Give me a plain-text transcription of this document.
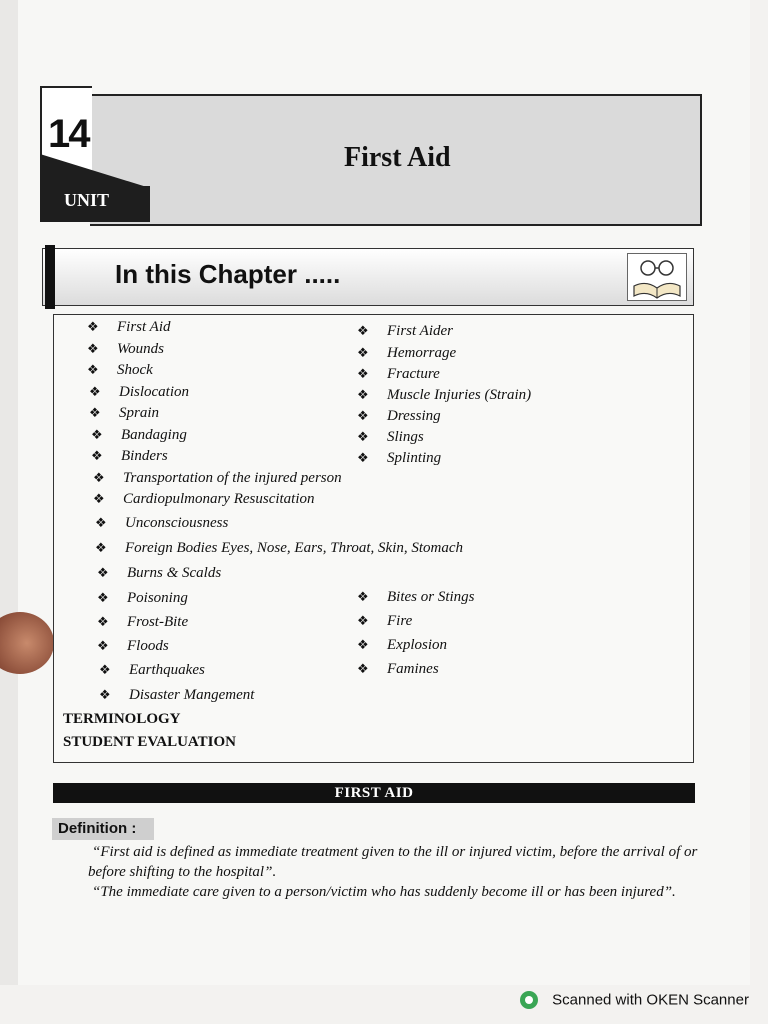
14
UNIT
First Aid
In this Chapter .....
❖ First Aid
❖ Wounds
❖ Shock
❖ Dislocation
❖ Sprain
❖ Bandaging
❖ Binders
❖ Transportation of the injured person
❖ Cardiopulmonary Resuscitation
❖ Unconsciousness
❖ Foreign Bodies Eyes, Nose, Ears, Throat, Skin, Stomach
❖ Burns & Scalds
❖ Poisoning
❖ Frost-Bite
❖ Floods
❖ Earthquakes
❖ Disaster Mangement
❖ First Aider
❖ Hemorrage
❖ Fracture
❖ Muscle Injuries (Strain)
❖ Dressing
❖ Slings
❖ Splinting
❖ Bites or Stings
❖ Fire
❖ Explosion
❖ Famines
TERMINOLOGY
STUDENT EVALUATION
FIRST AID
Definition :

“First aid is defined as immediate treatment given to the ill or injured victim, before the arrival of or before shifting to the hospital”.

“The immediate care given to a person/victim who has suddenly become ill or has been injured”.

Scanned with OKEN Scanner
